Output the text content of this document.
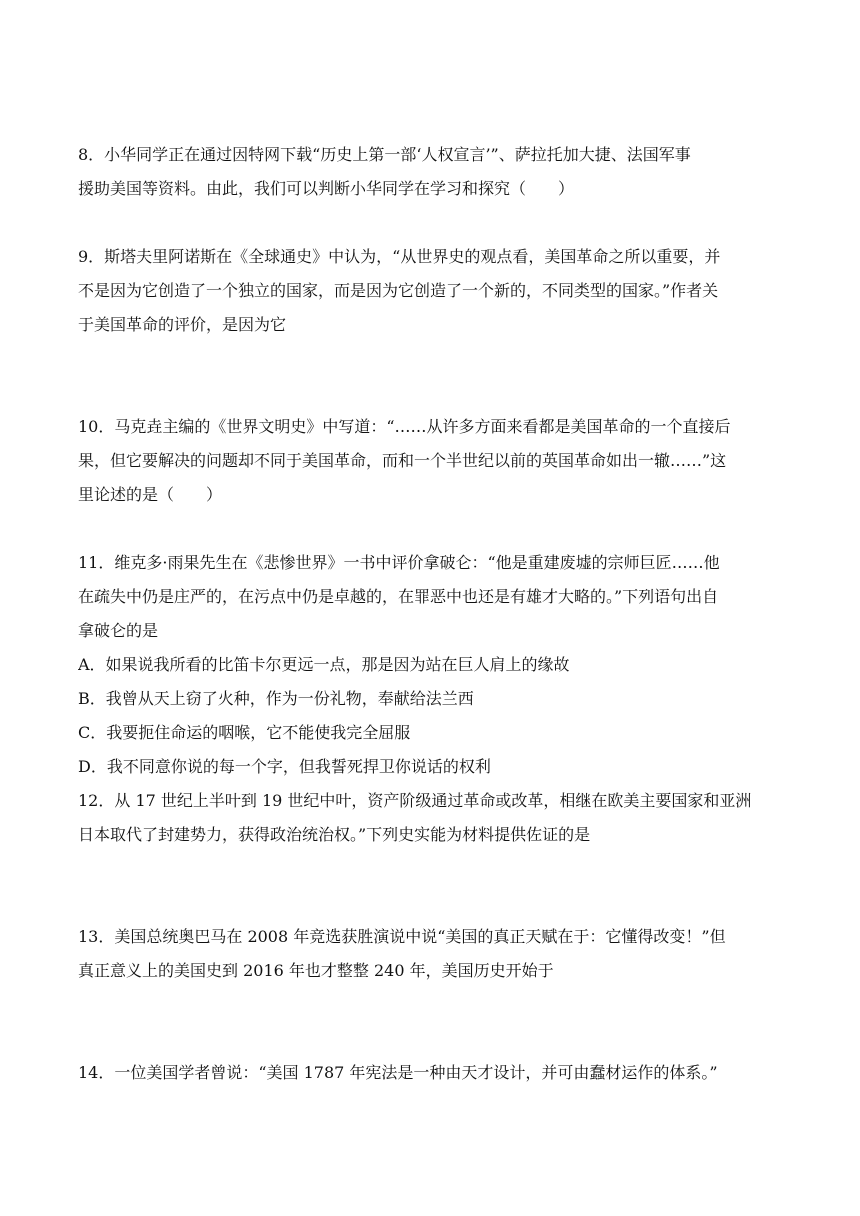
8．小华同学正在通过因特网下载“历史上第一部‘人权宣言’”、萨拉托加大捷、法国军事
援助美国等资料。由此，我们可以判断小华同学在学习和探究（　　）
9．斯塔夫里阿诺斯在《全球通史》中认为，“从世界史的观点看，美国革命之所以重要，并
不是因为它创造了一个独立的国家，而是因为它创造了一个新的，不同类型的国家。”作者关
于美国革命的评价，是因为它
10．马克垚主编的《世界文明史》中写道：“……从许多方面来看都是美国革命的一个直接后
果，但它要解决的问题却不同于美国革命，而和一个半世纪以前的英国革命如出一辙……”这
里论述的是（　　）
11．维克多·雨果先生在《悲惨世界》一书中评价拿破仑：“他是重建废墟的宗师巨匠……他
在疏失中仍是庄严的，在污点中仍是卓越的，在罪恶中也还是有雄才大略的。”下列语句出自
拿破仑的是
A．如果说我所看的比笛卡尔更远一点，那是因为站在巨人肩上的缘故
B．我曾从天上窃了火种，作为一份礼物，奉献给法兰西
C．我要扼住命运的咽喉，它不能使我完全屈服
D．我不同意你说的每一个字，但我誓死捍卫你说话的权利
12．从 17 世纪上半叶到 19 世纪中叶，资产阶级通过革命或改革，相继在欧美主要国家和亚洲
日本取代了封建势力，获得政治统治权。”下列史实能为材料提供佐证的是
13．美国总统奥巴马在 2008 年竞选获胜演说中说“美国的真正天赋在于：它懂得改变！”但
真正意义上的美国史到 2016 年也才整整 240 年，美国历史开始于
14．一位美国学者曾说：“美国 1787 年宪法是一种由天才设计，并可由蠢材运作的体系。”
